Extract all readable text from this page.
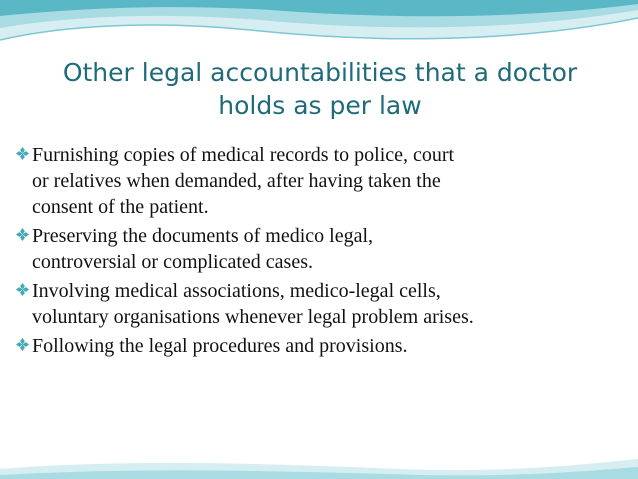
Other legal accountabilities that a doctor
holds as per law
Furnishing copies of medical records to police, court
or relatives when demanded, after having taken the
consent of the patient.
Preserving the documents of medico legal,
controversial or complicated cases.
Involving medical associations, medico-legal cells,
voluntary organisations whenever legal problem arises.
Following the legal procedures and provisions.
